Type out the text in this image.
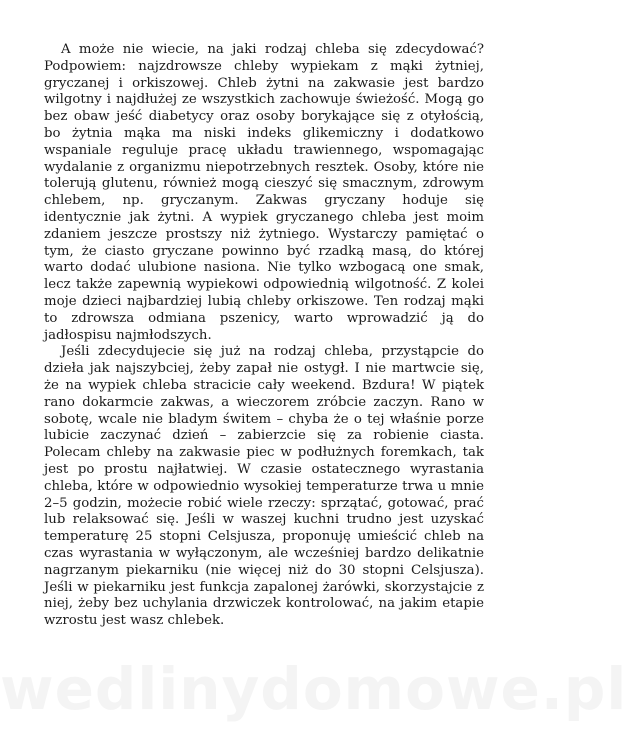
A może nie wiecie, na jaki rodzaj chleba się zdecydować? Podpowiem: najzdrowsze chleby wypiekam z mąki żytniej, gryczanej i orkiszowej. Chleb żytni na zakwasie jest bardzo wilgotny i najdłużej ze wszystkich zachowuje świeżość. Mogą go bez obaw jeść diabetycy oraz osoby borykające się z otyłością, bo żytnia mąka ma niski indeks glikemiczny i dodatkowo wspaniale reguluje pracę układu trawiennego, wspomagając wydalanie z organizmu niepotrzebnych resztek. Osoby, które nie tolerują glutenu, również mogą cieszyć się smacznym, zdrowym chlebem, np. gryczanym. Zakwas gryczany hoduje się identycznie jak żytni. A wypiek gryczanego chleba jest moim zdaniem jeszcze prostszy niż żytniego. Wystarczy pamiętać o tym, że ciasto gryczane powinno być rzadką masą, do której warto dodać ulubione nasiona. Nie tylko wzbogacą one smak, lecz także zapewnią wypiekowi odpowiednią wilgotność. Z kolei moje dzieci najbardziej lubią chleby orkiszowe. Ten rodzaj mąki to zdrowsza odmiana pszenicy, warto wprowadzić ją do jadłospisu najmłodszych.

Jeśli zdecydujecie się już na rodzaj chleba, przystąpcie do dzieła jak najszybciej, żeby zapał nie ostygł. I nie martwcie się, że na wypiek chleba stracicie cały weekend. Bzdura! W piątek rano dokarmcie zakwas, a wieczorem zróbcie zaczyn. Rano w sobotę, wcale nie bladym świtem – chyba że o tej właśnie porze lubicie zaczynać dzień – zabierzcie się za robienie ciasta. Polecam chleby na zakwasie piec w podłużnych foremkach, tak jest po prostu najłatwiej. W czasie ostatecznego wyrastania chleba, które w odpowiednio wysokiej temperaturze trwa u mnie 2–5 godzin, możecie robić wiele rzeczy: sprzątać, gotować, prać lub relaksować się. Jeśli w waszej kuchni trudno jest uzyskać temperaturę 25 stopni Celsjusza, proponuję umieścić chleb na czas wyrastania w wyłączonym, ale wcześniej bardzo delikatnie nagrzanym piekarniku (nie więcej niż do 30 stopni Celsjusza). Jeśli w piekarniku jest funkcja zapalonej żarówki, skorzystajcie z niej, żeby bez uchylania drzwiczek kontrolować, na jakim etapie wzrostu jest wasz chlebek.

wedlinydomowe.pl
